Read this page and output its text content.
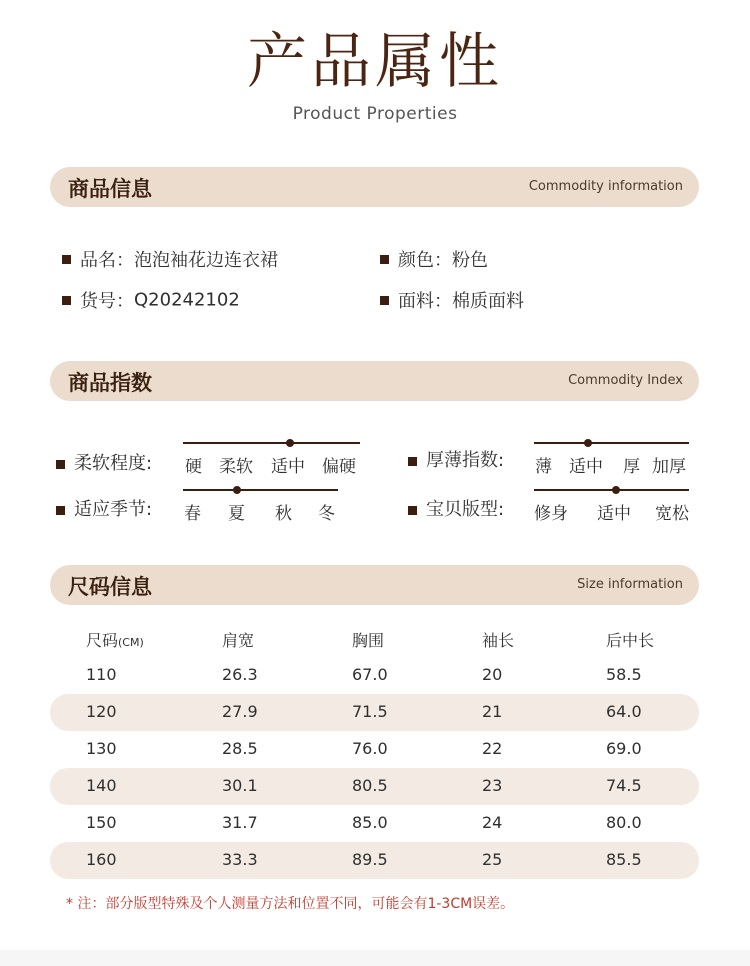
产品属性
Product Properties
商品信息	Commodity information
品名：泡泡袖花边连衣裙	颜色：粉色
货号：Q20242102	面料：棉质面料
商品指数	Commodity Index
柔软程度: 硬 柔软 适中 偏硬	厚薄指数: 薄 适中 厚 加厚
适应季节: 春 夏 秋 冬	宝贝版型: 修身 适中 宽松
尺码信息	Size information
尺码(CM)	肩宽	胸围	袖长	后中长
110	26.3	67.0	20	58.5
120	27.9	71.5	21	64.0
130	28.5	76.0	22	69.0
140	30.1	80.5	23	74.5
150	31.7	85.0	24	80.0
160	33.3	89.5	25	85.5
* 注：部分版型特殊及个人测量方法和位置不同，可能会有1-3CM误差。
